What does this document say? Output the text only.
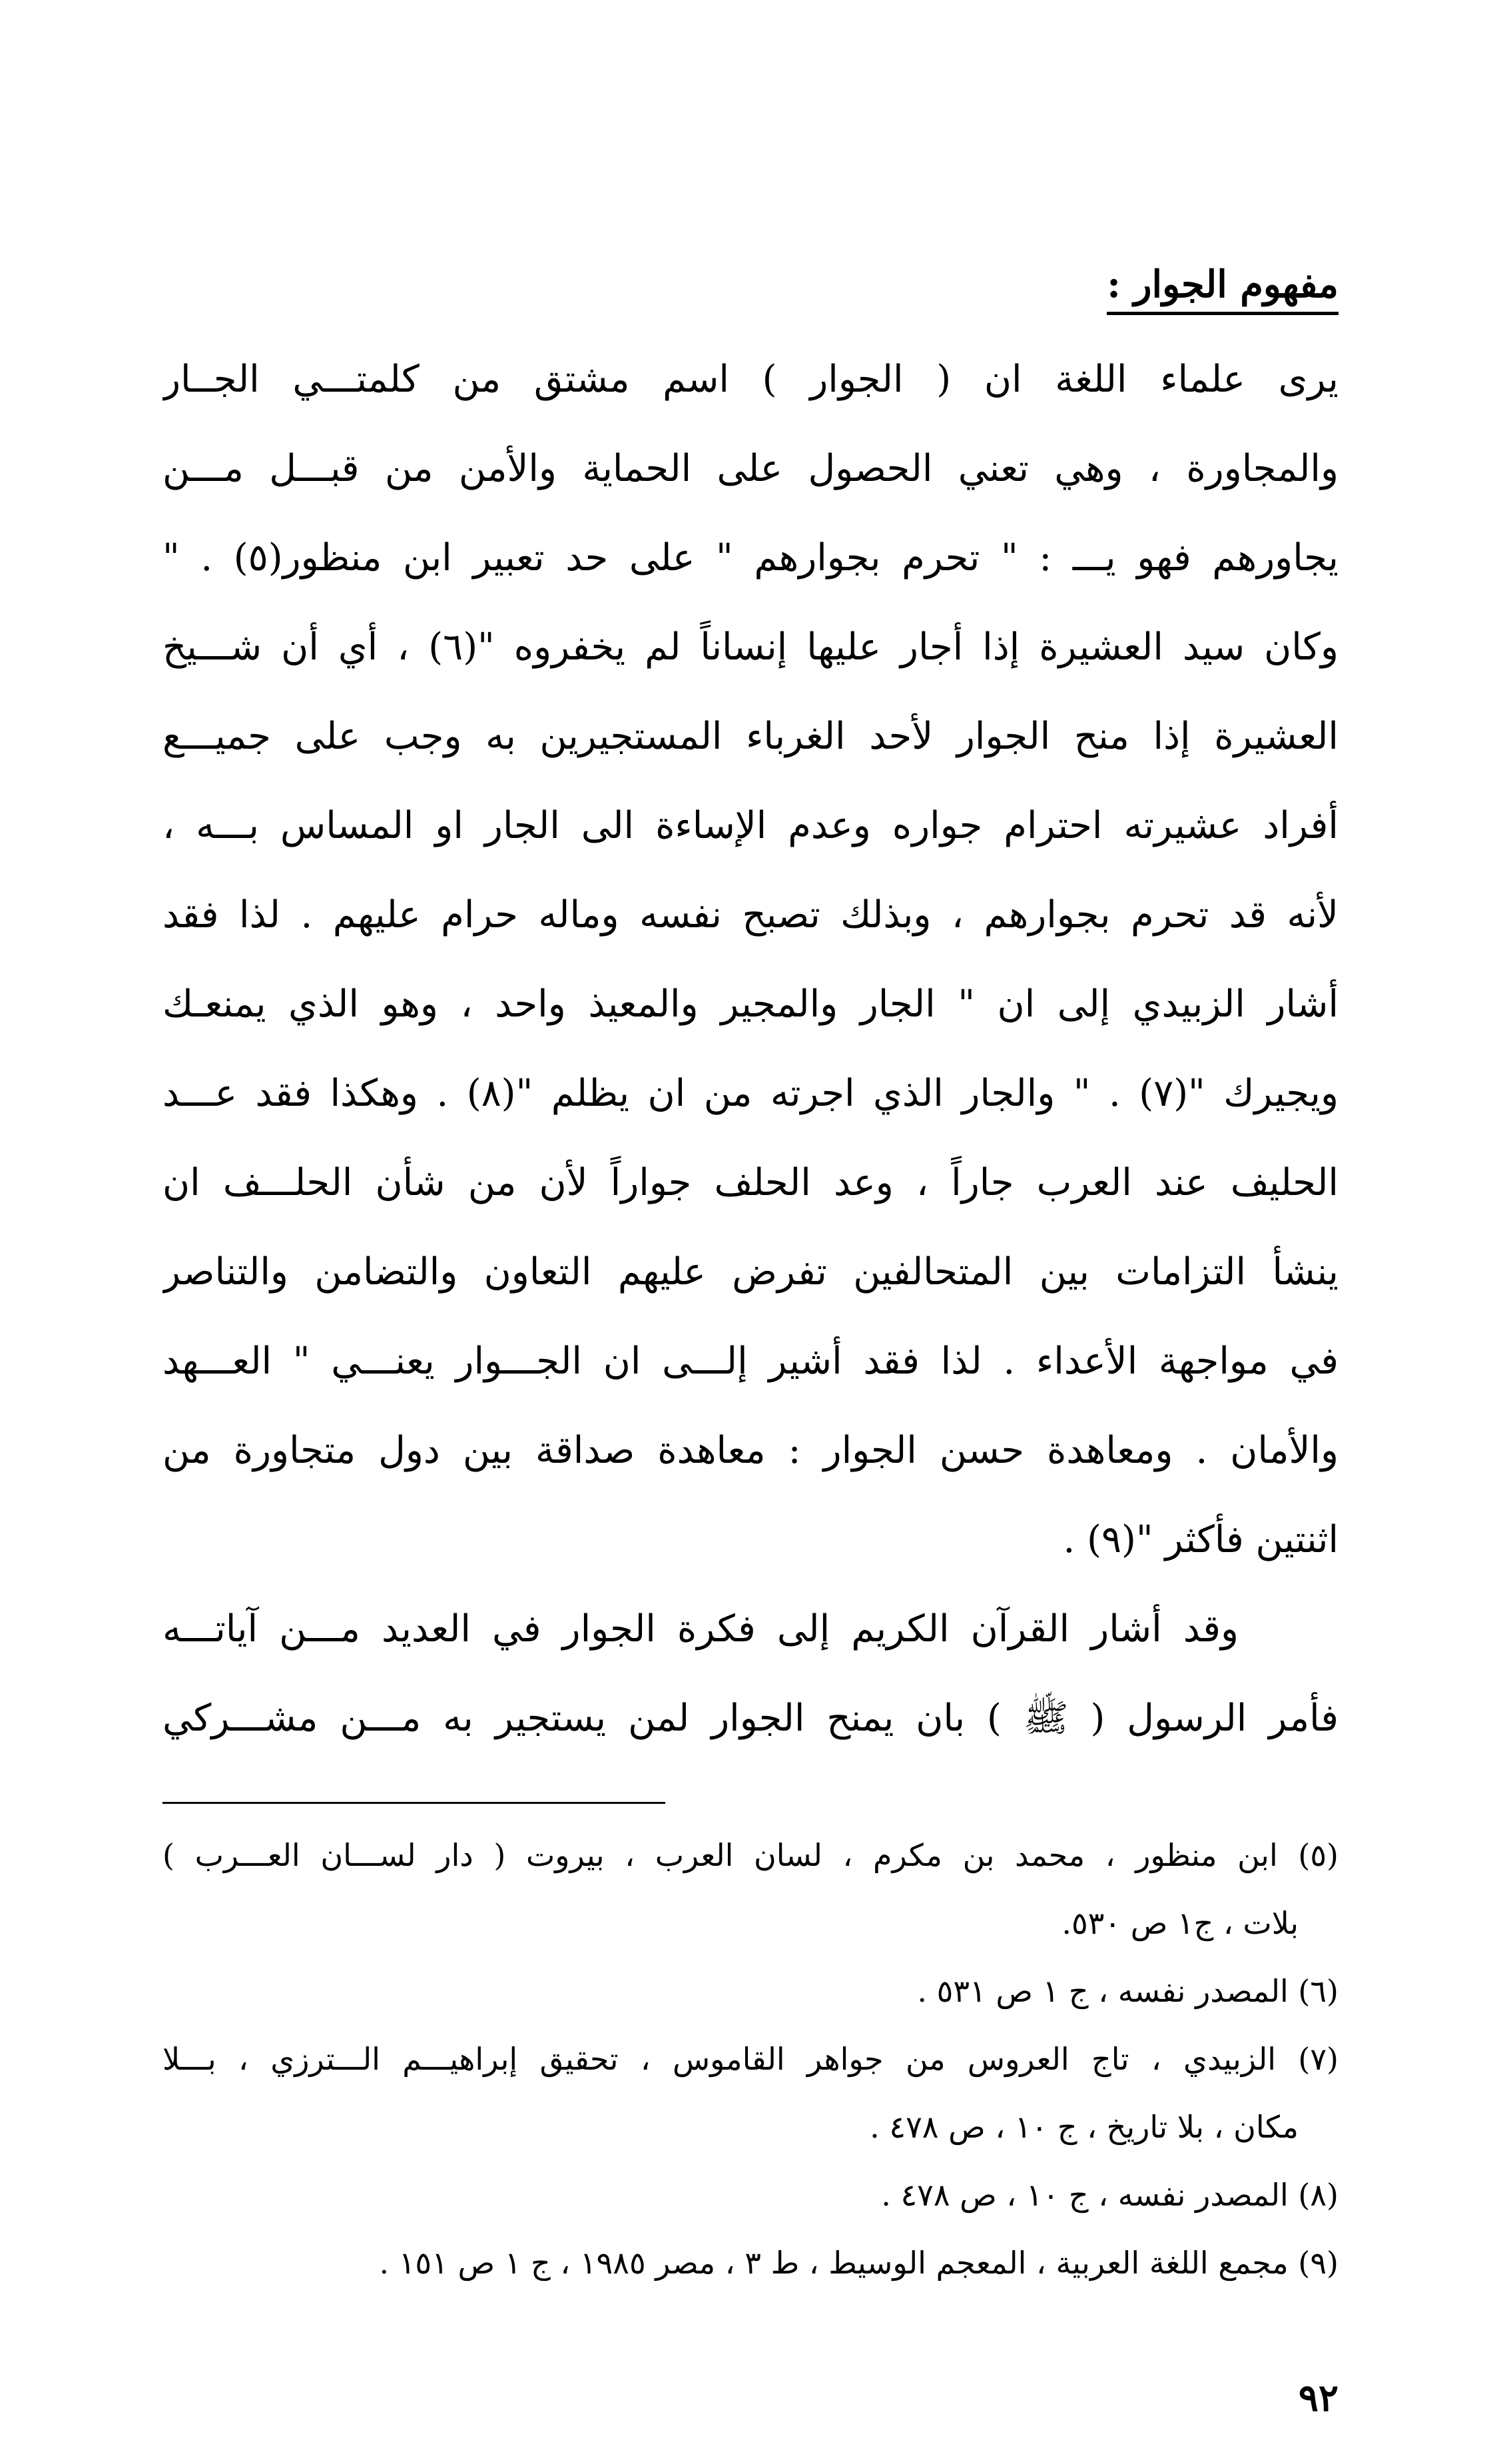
مفهوم الجوار :
يرى علماء اللغة ان ( الجوار ) اسم مشتق من كلمتـــي الجــار
والمجاورة ، وهي تعني الحصول على الحماية والأمن من قبـــل مـــن
يجاورهم فهو يـــ : " تحرم بجوارهم " على حد تعبير ابن منظور(٥) . "
وكان سيد العشيرة إذا أجار عليها إنساناً لم يخفروه "(٦) ، أي أن شـــيخ
العشيرة إذا منح الجوار لأحد الغرباء المستجيرين به وجب على جميـــع
أفراد عشيرته احترام جواره وعدم الإساءة الى الجار او المساس بـــه ،
لأنه قد تحرم بجوارهم ، وبذلك تصبح نفسه وماله حرام عليهم . لذا فقد
أشار الزبيدي إلى ان " الجار والمجير والمعيذ واحد ، وهو الذي يمنعـك
ويجيرك "(٧) . " والجار الذي اجرته من ان يظلم "(٨) . وهكذا فقد عـــد
الحليف عند العرب جاراً ، وعد الحلف جواراً لأن من شأن الحلـــف ان
ينشأ التزامات بين المتحالفين تفرض عليهم التعاون والتضامن والتناصر
في مواجهة الأعداء . لذا فقد أشير إلـــى ان الجـــوار يعنـــي " العـــهد
والأمان . ومعاهدة حسن الجوار : معاهدة صداقة بين دول متجاورة من
اثنتين فأكثر "(٩) .
وقد أشار القرآن الكريم إلى فكرة الجوار في العديد مـــن آياتـــه
فأمر الرسول ( ﷺ ) بان يمنح الجوار لمن يستجير به مـــن مشـــركي
(٥) ابن منظور ، محمد بن مكرم ، لسان العرب ، بيروت ( دار لســـان العـــرب )
بلات ، ج١ ص ٥٣٠.
(٦) المصدر نفسه ، ج ١ ص ٥٣١ .
(٧) الزبيدي ، تاج العروس من جواهر القاموس ، تحقيق إبراهيـــم الـــترزي ، بـــلا
مكان ، بلا تاريخ ، ج ١٠ ، ص ٤٧٨ .
(٨) المصدر نفسه ، ج ١٠ ، ص ٤٧٨ .
(٩) مجمع اللغة العربية ، المعجم الوسيط ، ط ٣ ، مصر ١٩٨٥ ، ج ١ ص ١٥١ .
٩٢
